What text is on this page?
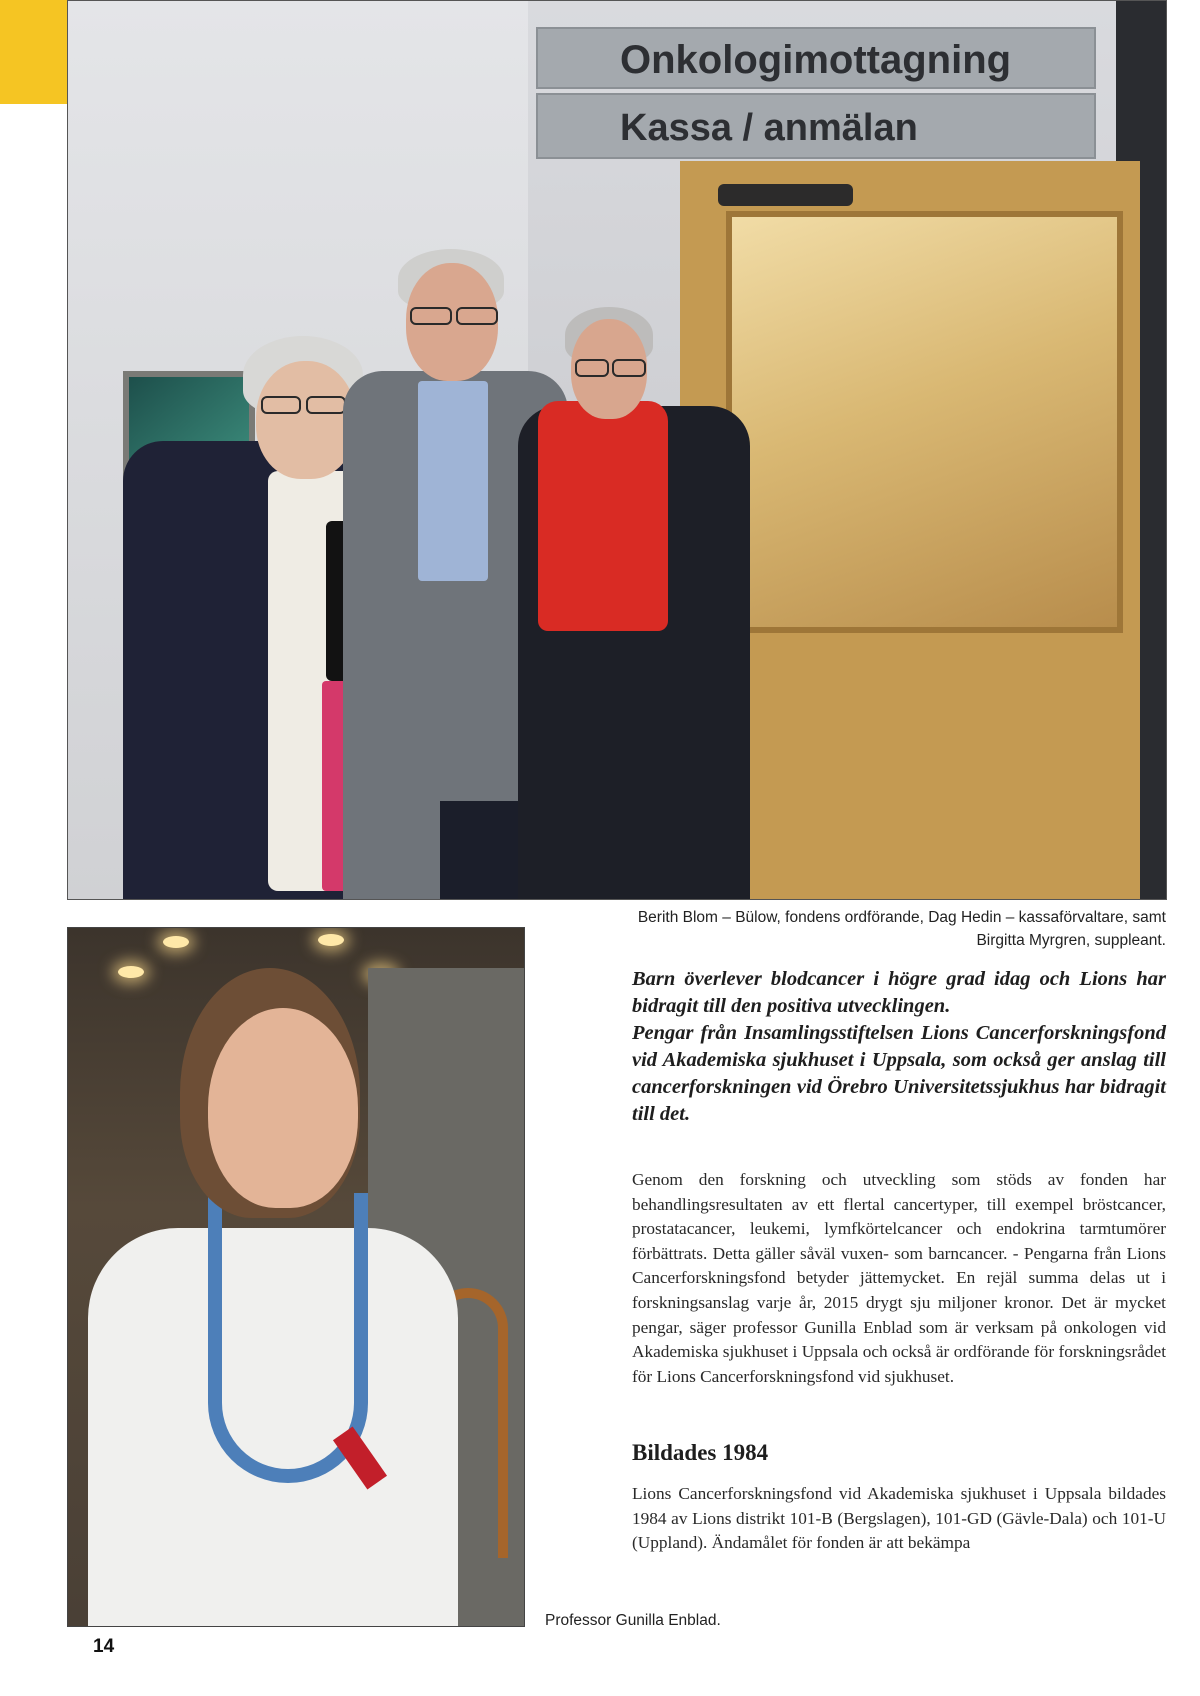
Onkologimottagning
Kassa / anmälan
Berith Blom – Bülow, fondens ordförande, Dag Hedin – kassaförvaltare, samt Birgitta Myrgren, suppleant.
Professor Gunilla Enblad.

Barn överlever blodcancer i högre grad idag och Lions har bidragit till den positiva utvecklingen.

Pengar från Insamlingsstiftelsen Lions Cancerforskningsfond vid Akademiska sjukhuset i Uppsala, som också ger anslag till cancerforskningen vid Örebro Universitetssjukhus har bidragit till det.

Genom den forskning och utveckling som stöds av fonden har behandlingsresultaten av ett flertal cancertyper, till exempel bröstcancer, prostatacancer, leukemi, lymfkörtelcancer och endokrina tarmtumörer förbättrats. Detta gäller såväl vuxen- som barncancer. - Pengarna från Lions Cancerforskningsfond betyder jättemycket. En rejäl summa delas ut i forskningsanslag varje år, 2015 drygt sju miljoner kronor. Det är mycket pengar, säger professor Gunilla Enblad som är verksam på onkologen vid Akademiska sjukhuset i Uppsala och också är ordförande för forskningsrådet för Lions Cancerforskningsfond vid sjukhuset.
Bildades 1984
Lions Cancerforskningsfond vid Akademiska sjukhuset i Uppsala bildades 1984 av Lions distrikt 101-B (Bergslagen), 101-GD (Gävle-Dala) och 101-U (Uppland). Ändamålet för fonden är att bekämpa
14
